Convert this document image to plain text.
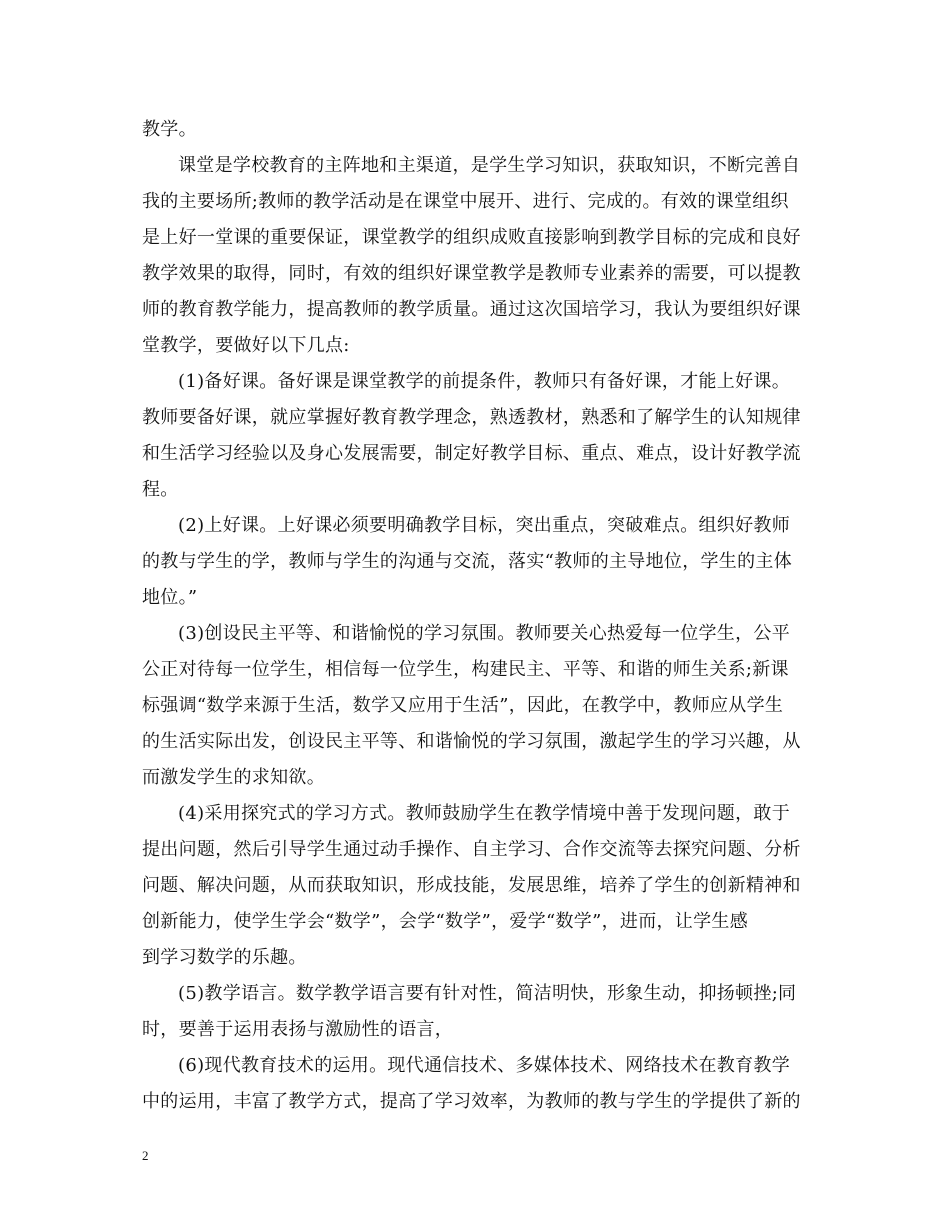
教学。
课堂是学校教育的主阵地和主渠道，是学生学习知识，获取知识，不断完善自
我的主要场所;教师的教学活动是在课堂中展开、进行、完成的。有效的课堂组织
是上好一堂课的重要保证，课堂教学的组织成败直接影响到教学目标的完成和良好
教学效果的取得，同时，有效的组织好课堂教学是教师专业素养的需要，可以提教
师的教育教学能力，提高教师的教学质量。通过这次国培学习，我认为要组织好课
堂教学，要做好以下几点:
(1)备好课。备好课是课堂教学的前提条件，教师只有备好课，才能上好课。
教师要备好课，就应掌握好教育教学理念，熟透教材，熟悉和了解学生的认知规律
和生活学习经验以及身心发展需要，制定好教学目标、重点、难点，设计好教学流
程。
(2)上好课。上好课必须要明确教学目标，突出重点，突破难点。组织好教师
的教与学生的学，教师与学生的沟通与交流，落实“教师的主导地位，学生的主体
地位。”
(3)创设民主平等、和谐愉悦的学习氛围。教师要关心热爱每一位学生，公平
公正对待每一位学生，相信每一位学生，构建民主、平等、和谐的师生关系;新课
标强调“数学来源于生活，数学又应用于生活”，因此，在教学中，教师应从学生
的生活实际出发，创设民主平等、和谐愉悦的学习氛围，激起学生的学习兴趣，从
而激发学生的求知欲。
(4)采用探究式的学习方式。教师鼓励学生在教学情境中善于发现问题，敢于
提出问题，然后引导学生通过动手操作、自主学习、合作交流等去探究问题、分析
问题、解决问题，从而获取知识，形成技能，发展思维，培养了学生的创新精神和
创新能力，使学生学会“数学”，会学“数学”，爱学“数学”，进而，让学生感
到学习数学的乐趣。
(5)教学语言。数学教学语言要有针对性，简洁明快，形象生动，抑扬顿挫;同
时，要善于运用表扬与激励性的语言，
(6)现代教育技术的运用。现代通信技术、多媒体技术、网络技术在教育教学
中的运用，丰富了教学方式，提高了学习效率，为教师的教与学生的学提供了新的
2
